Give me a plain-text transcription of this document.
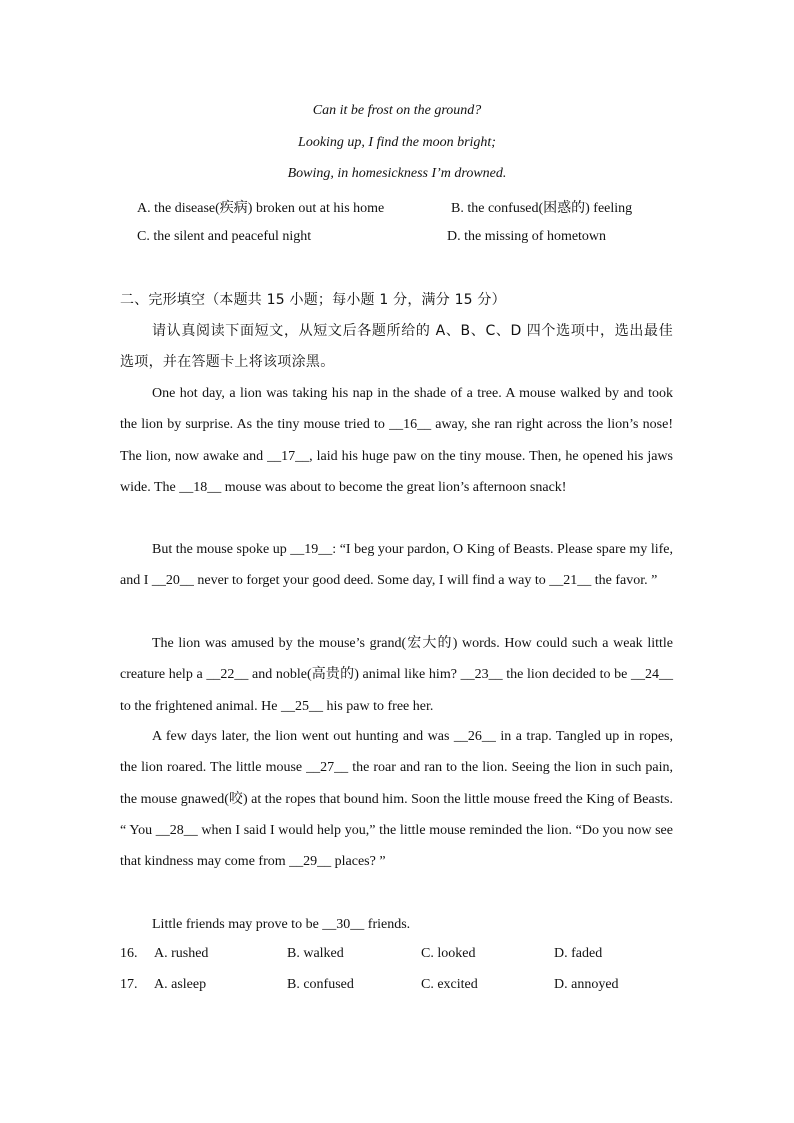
Can it be frost on the ground?
Looking up, I find the moon bright;
Bowing, in homesickness I’m drowned.
A. the disease(疾病) broken out at his home	B. the confused(困惑的) feeling
C. the silent and peaceful night	D. the missing of hometown
二、完形填空（本题共 15 小题；每小题 1 分，满分 15 分）
请认真阅读下面短文，从短文后各题所给的 A、B、C、D 四个选项中，选出最佳选项，并在答题卡上将该项涂黑。
One hot day, a lion was taking his nap in the shade of a tree. A mouse walked by and took the lion by surprise. As the tiny mouse tried to __16__ away, she ran right across the lion’s nose! The lion, now awake and __17__, laid his huge paw on the tiny mouse. Then, he opened his jaws wide. The __18__ mouse was about to become the great lion’s afternoon snack!
But the mouse spoke up __19__: “I beg your pardon, O King of Beasts. Please spare my life, and I __20__ never to forget your good deed. Some day, I will find a way to __21__ the favor. ”
The lion was amused by the mouse’s grand(宏大的) words. How could such a weak little creature help a __22__ and noble(高贵的) animal like him? __23__ the lion decided to be __24__ to the frightened animal. He __25__ his paw to free her.
A few days later, the lion went out hunting and was __26__ in a trap. Tangled up in ropes, the lion roared. The little mouse __27__ the roar and ran to the lion. Seeing the lion in such pain, the mouse gnawed(咬) at the ropes that bound him. Soon the little mouse freed the King of Beasts. “ You __28__ when I said I would help you,” the little mouse reminded the lion. “Do you now see that kindness may come from __29__ places? ”
Little friends may prove to be __30__ friends.
16. A. rushed	B. walked	C. looked	D. faded
17. A. asleep	B. confused	C. excited	D. annoyed
